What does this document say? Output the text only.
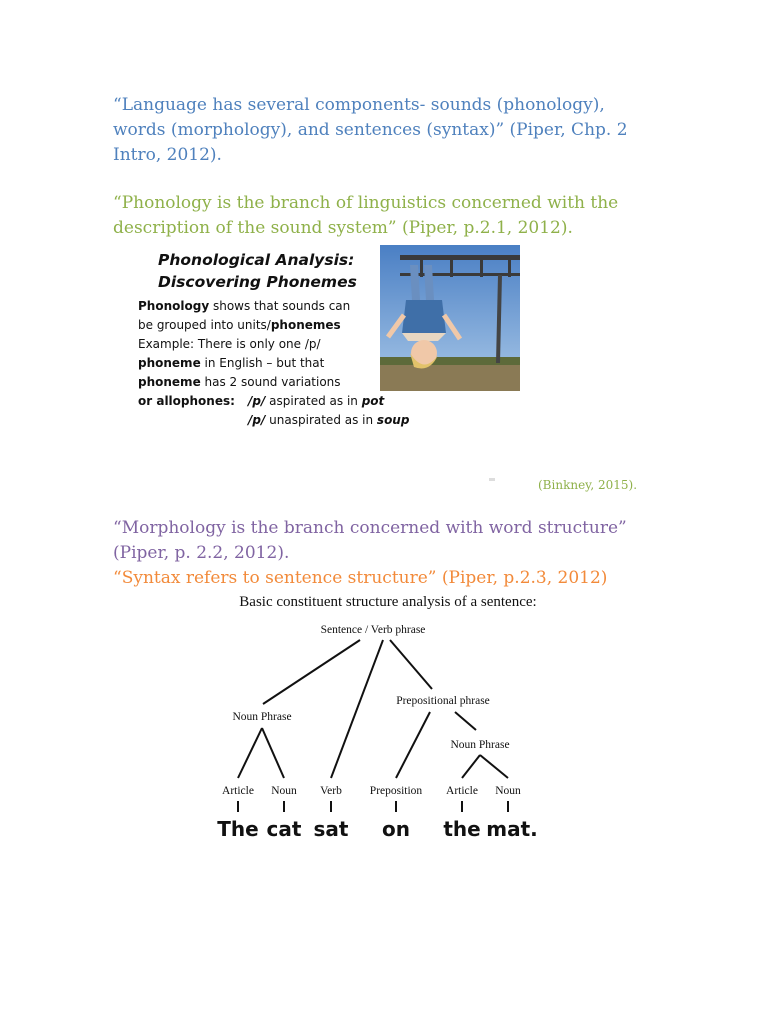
“Language has several components- sounds (phonology),
words (morphology), and sentences (syntax)” (Piper, Chp. 2
Intro, 2012).

“Phonology is the branch of linguistics concerned with the
description of the sound system” (Piper, p.2.1, 2012).

Phonological Analysis:
Discovering Phonemes

Phonology shows that sounds can
be grouped into units/phonemes
Example: There is only one /p/
phoneme in English – but that
phoneme has 2 sound variations
or allophones: /p/ aspirated as in pot
/p/ unaspirated as in soup
(Binkney, 2015).

“Morphology is the branch concerned with word structure”
(Piper, p. 2.2, 2012).

“Syntax refers to sentence structure” (Piper, p.2.3, 2012)

Basic constituent structure analysis of a sentence:
Sentence / Verb phrase
Noun Phrase
Prepositional phrase
Noun Phrase
Article Noun Verb Preposition Article Noun
The cat sat on the mat.
